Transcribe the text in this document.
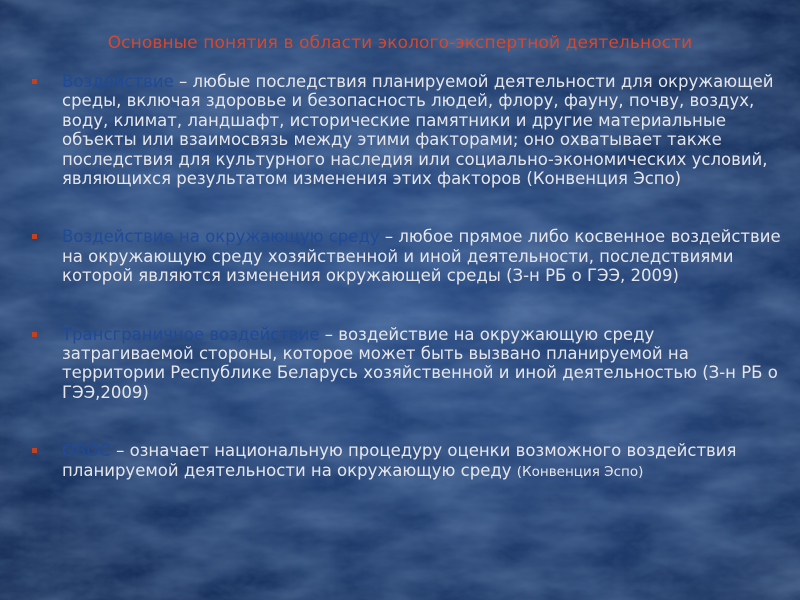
Основные понятия в области эколого-экспертной деятельности
Воздействие – любые последствия планируемой деятельности для окружающей среды, включая здоровье и безопасность людей, флору, фауну, почву, воздух, воду, климат, ландшафт, исторические памятники и другие материальные объекты или взаимосвязь между этими факторами; оно охватывает также последствия для культурного наследия или социально-экономических условий, являющихся результатом изменения этих факторов (Конвенция Эспо)
Воздействие на окружающую среду – любое прямое либо косвенное воздействие на окружающую среду хозяйственной и иной деятельности, последствиями которой являются изменения окружающей среды (З-н РБ о ГЭЭ, 2009)
Трансграничное воздействие – воздействие на окружающую среду затрагиваемой стороны, которое может быть вызвано планируемой на территории Республике Беларусь хозяйственной и иной деятельностью (З-н РБ о ГЭЭ,2009)
ОВОС – означает национальную процедуру оценки возможного воздействия планируемой деятельности на окружающую среду (Конвенция Эспо)
